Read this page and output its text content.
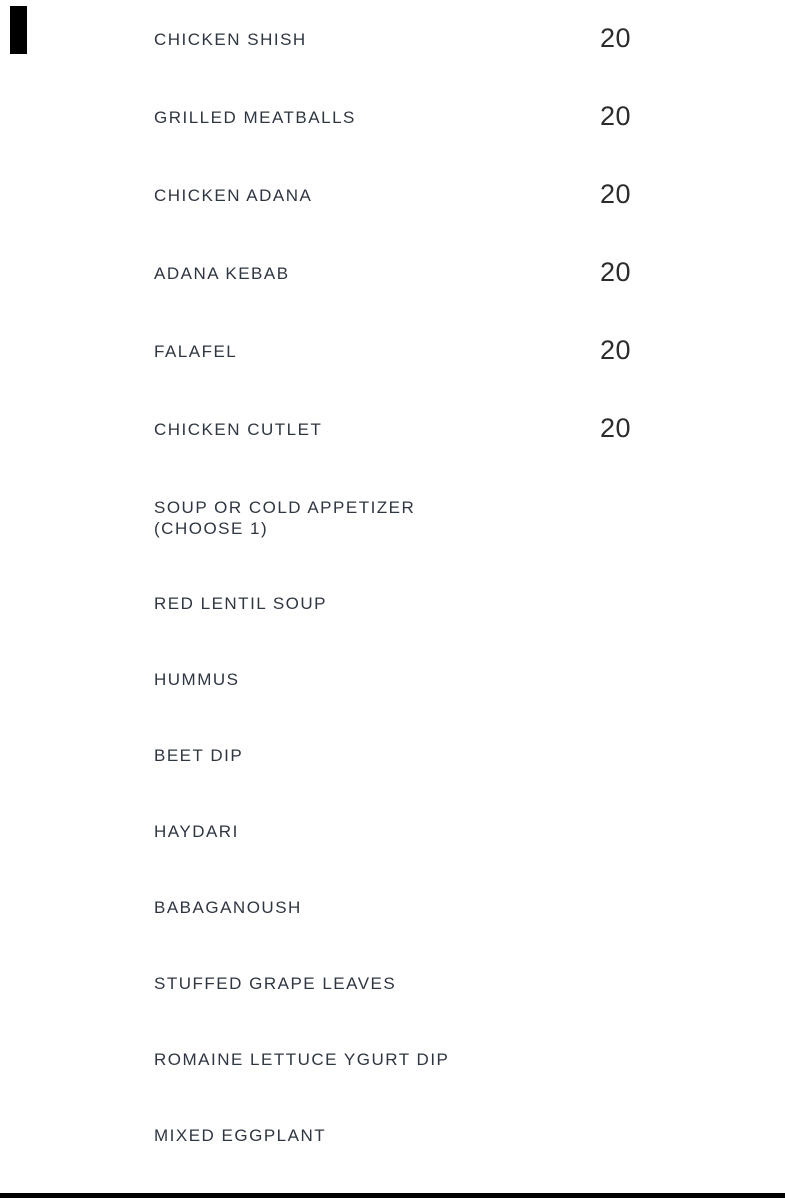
CHICKEN SHISH	20
GRILLED MEATBALLS	20
CHICKEN ADANA	20
ADANA KEBAB	20
FALAFEL	20
CHICKEN CUTLET	20
SOUP OR COLD APPETIZER
(CHOOSE 1)
RED LENTIL SOUP
HUMMUS
BEET DIP
HAYDARI
BABAGANOUSH
STUFFED GRAPE LEAVES
ROMAINE LETTUCE YGURT DIP
MIXED EGGPLANT
